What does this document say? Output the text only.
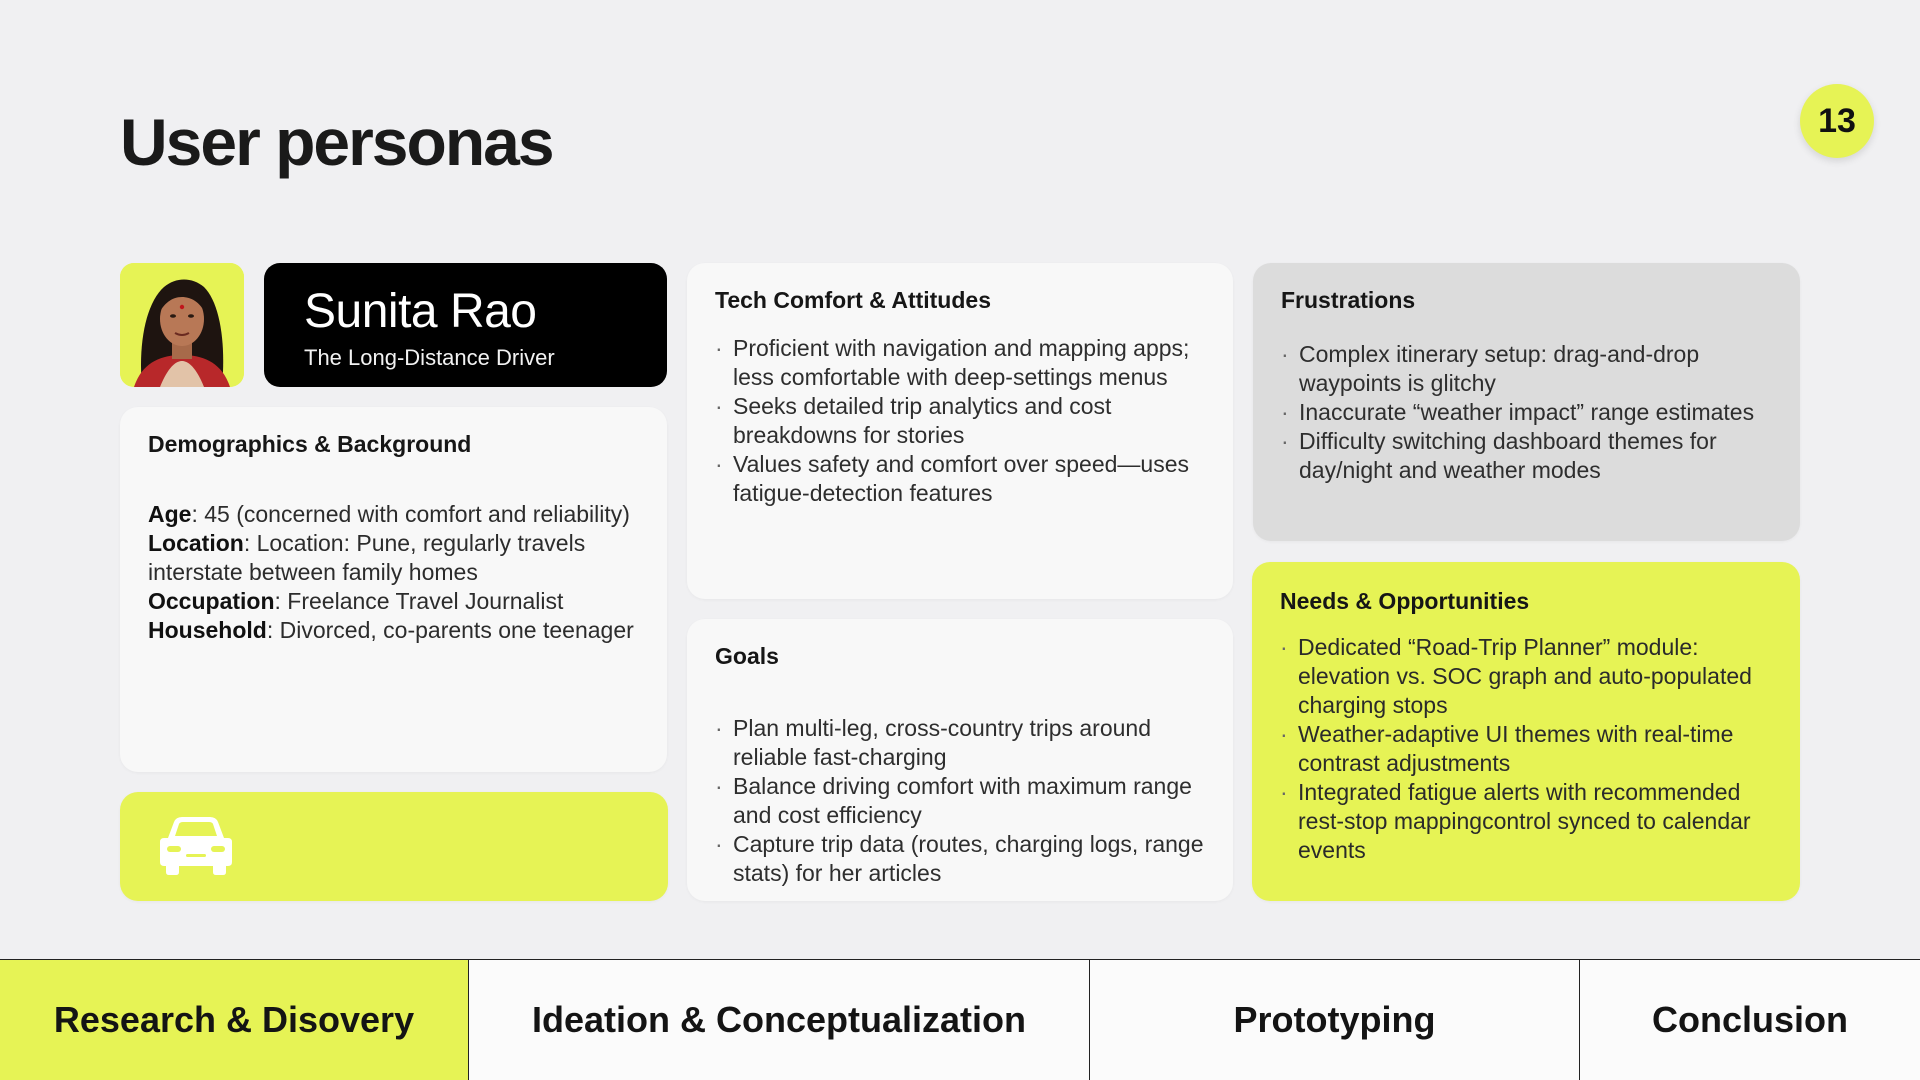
User personas	13
Sunita Rao
The Long-Distance Driver
Demographics & Background
Age: 45 (concerned with comfort and reliability)
Location: Location: Pune, regularly travels interstate between family homes
Occupation: Freelance Travel Journalist
Household: Divorced, co-parents one teenager
Tech Comfort & Attitudes
· Proficient with navigation and mapping apps; less comfortable with deep-settings menus
· Seeks detailed trip analytics and cost breakdowns for stories
· Values safety and comfort over speed—uses fatigue-detection features
Goals
· Plan multi-leg, cross-country trips around reliable fast-charging
· Balance driving comfort with maximum range and cost efficiency
· Capture trip data (routes, charging logs, range stats) for her articles
Frustrations
· Complex itinerary setup: drag-and-drop waypoints is glitchy
· Inaccurate “weather impact” range estimates
· Difficulty switching dashboard themes for day/night and weather modes
Needs & Opportunities
· Dedicated “Road-Trip Planner” module: elevation vs. SOC graph and auto-populated charging stops
· Weather-adaptive UI themes with real-time contrast adjustments
· Integrated fatigue alerts with recommended rest-stop mappingcontrol synced to calendar events
Research & Disovery	Ideation & Conceptualization	Prototyping	Conclusion
